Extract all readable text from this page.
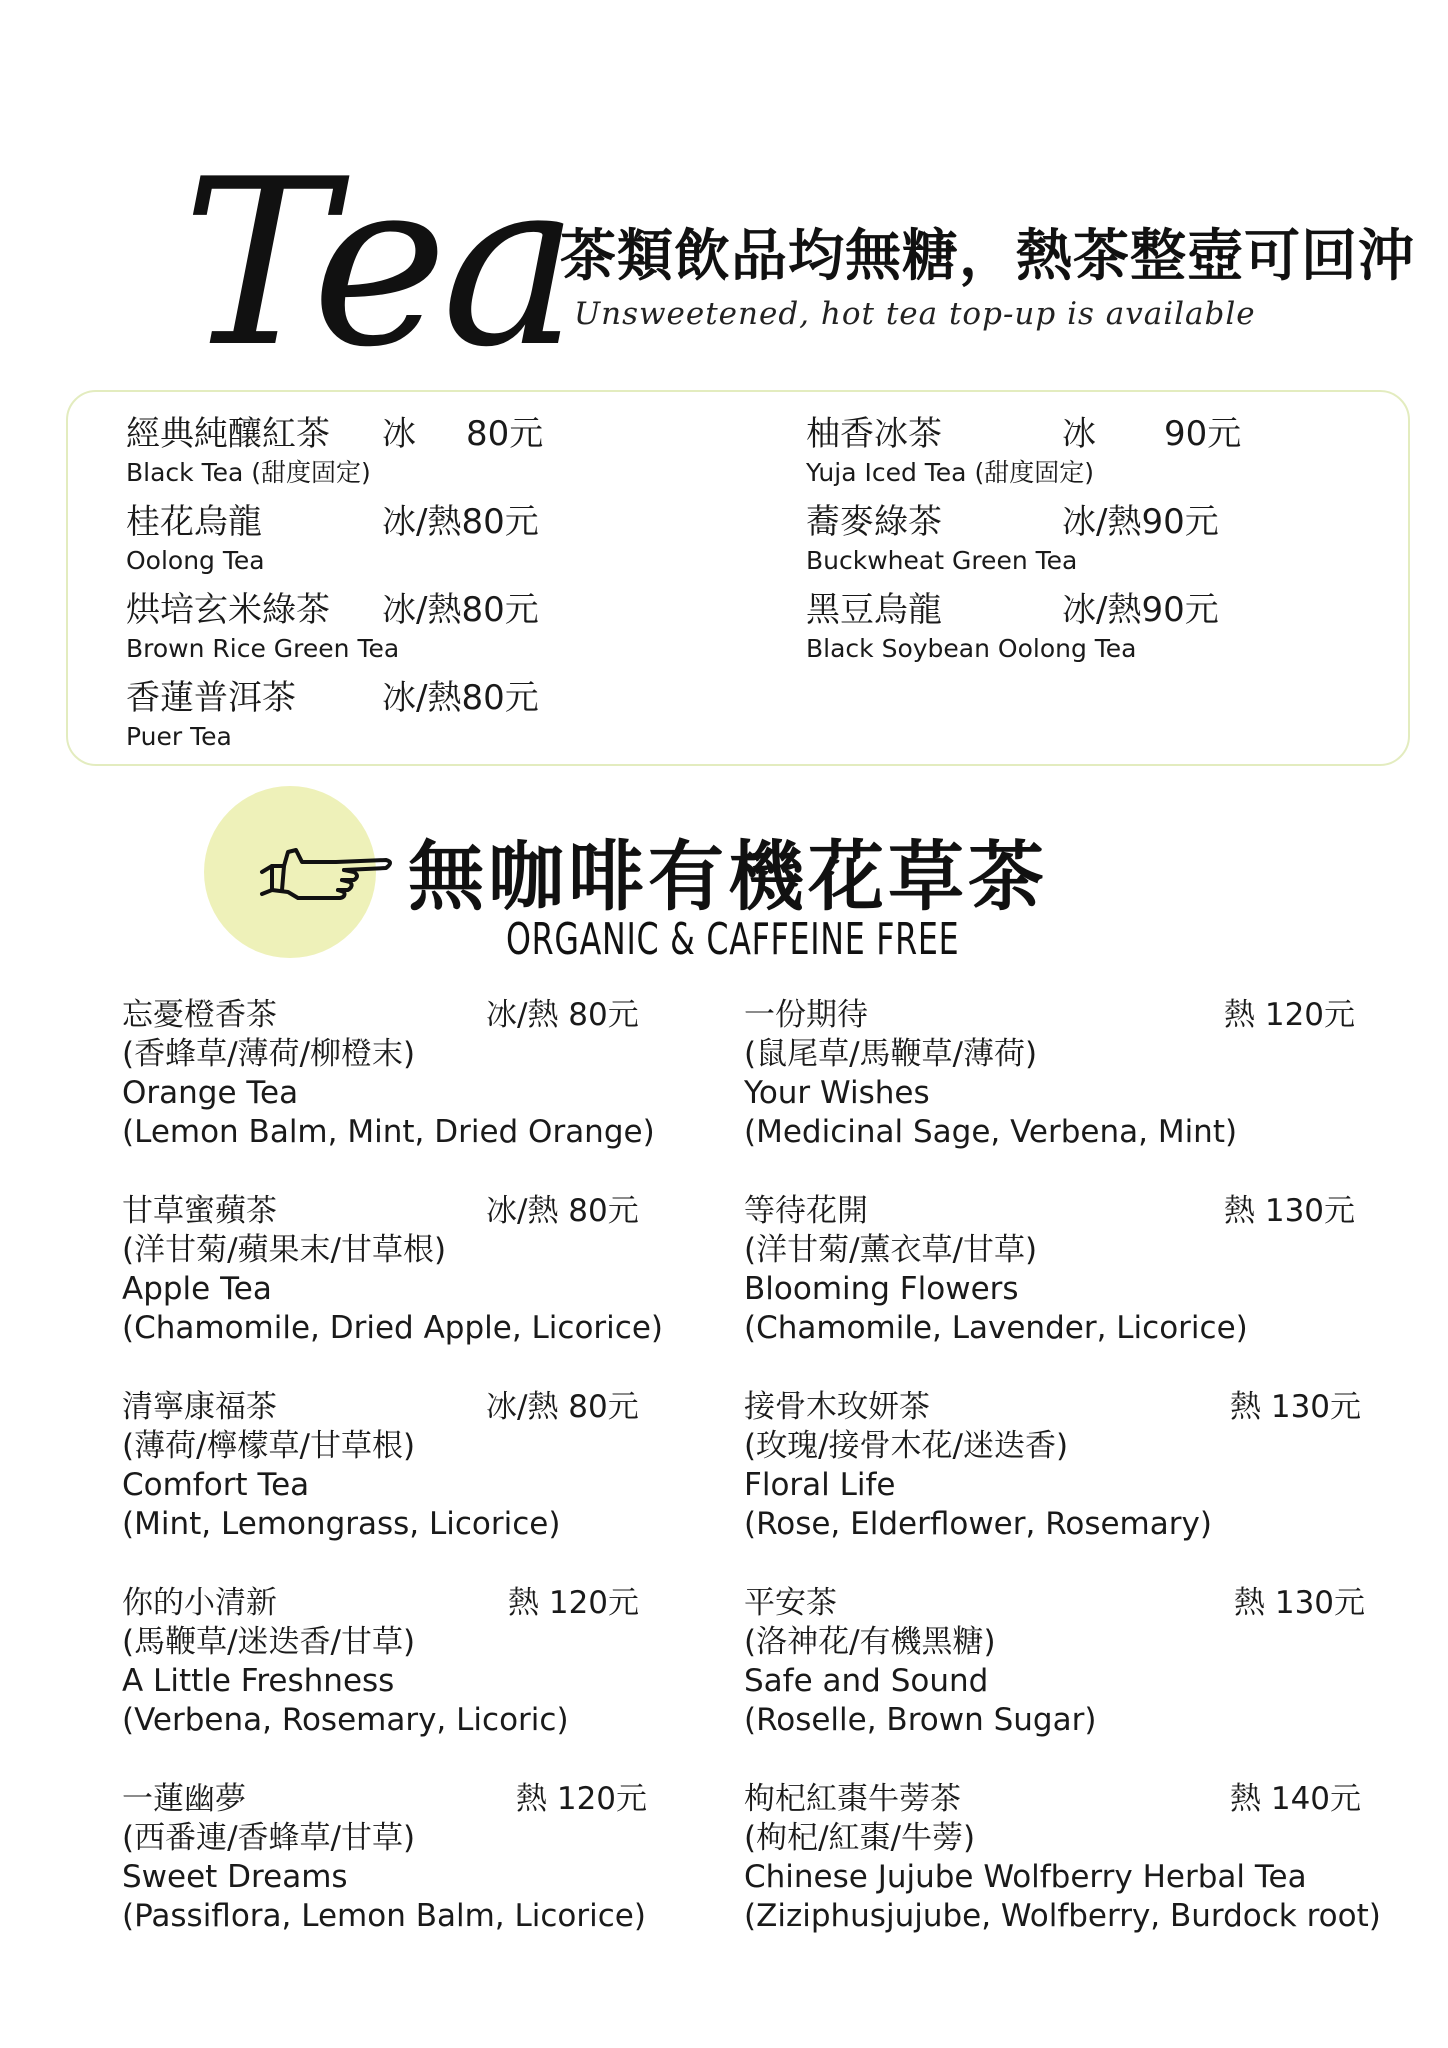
Tea
茶類飲品均無糖，熱茶整壺可回沖
Unsweetened, hot tea top-up is available
經典純釀紅茶	冰	80元
Black Tea (甜度固定)
桂花烏龍	冰/熱80元
Oolong Tea
烘培玄米綠茶	冰/熱80元
Brown Rice Green Tea
香蓮普洱茶	冰/熱80元
Puer Tea
柚香冰茶	冰	90元
Yuja Iced Tea (甜度固定)
蕎麥綠茶	冰/熱90元
Buckwheat Green Tea
黑豆烏龍	冰/熱90元
Black Soybean Oolong Tea
無咖啡有機花草茶
ORGANIC & CAFFEINE FREE
忘憂橙香茶	冰/熱 80元
(香蜂草/薄荷/柳橙末)
Orange Tea
(Lemon Balm, Mint, Dried Orange)
甘草蜜蘋茶	冰/熱 80元
(洋甘菊/蘋果末/甘草根)
Apple Tea
(Chamomile, Dried Apple, Licorice)
清寧康福茶	冰/熱 80元
(薄荷/檸檬草/甘草根)
Comfort Tea
(Mint, Lemongrass, Licorice)
你的小清新	熱 120元
(馬鞭草/迷迭香/甘草)
A Little Freshness
(Verbena, Rosemary, Licoric)
一蓮幽夢	熱 120元
(西番連/香蜂草/甘草)
Sweet Dreams
(Passiflora, Lemon Balm, Licorice)
一份期待	熱 120元
(鼠尾草/馬鞭草/薄荷)
Your Wishes
(Medicinal Sage, Verbena, Mint)
等待花開	熱 130元
(洋甘菊/薰衣草/甘草)
Blooming Flowers
(Chamomile, Lavender, Licorice)
接骨木玫妍茶	熱 130元
(玫瑰/接骨木花/迷迭香)
Floral Life
(Rose, Elderflower, Rosemary)
平安茶	熱 130元
(洛神花/有機黑糖)
Safe and Sound
(Roselle, Brown Sugar)
枸杞紅棗牛蒡茶	熱 140元
(枸杞/紅棗/牛蒡)
Chinese Jujube Wolfberry Herbal Tea
(Ziziphusjujube, Wolfberry, Burdock root)
